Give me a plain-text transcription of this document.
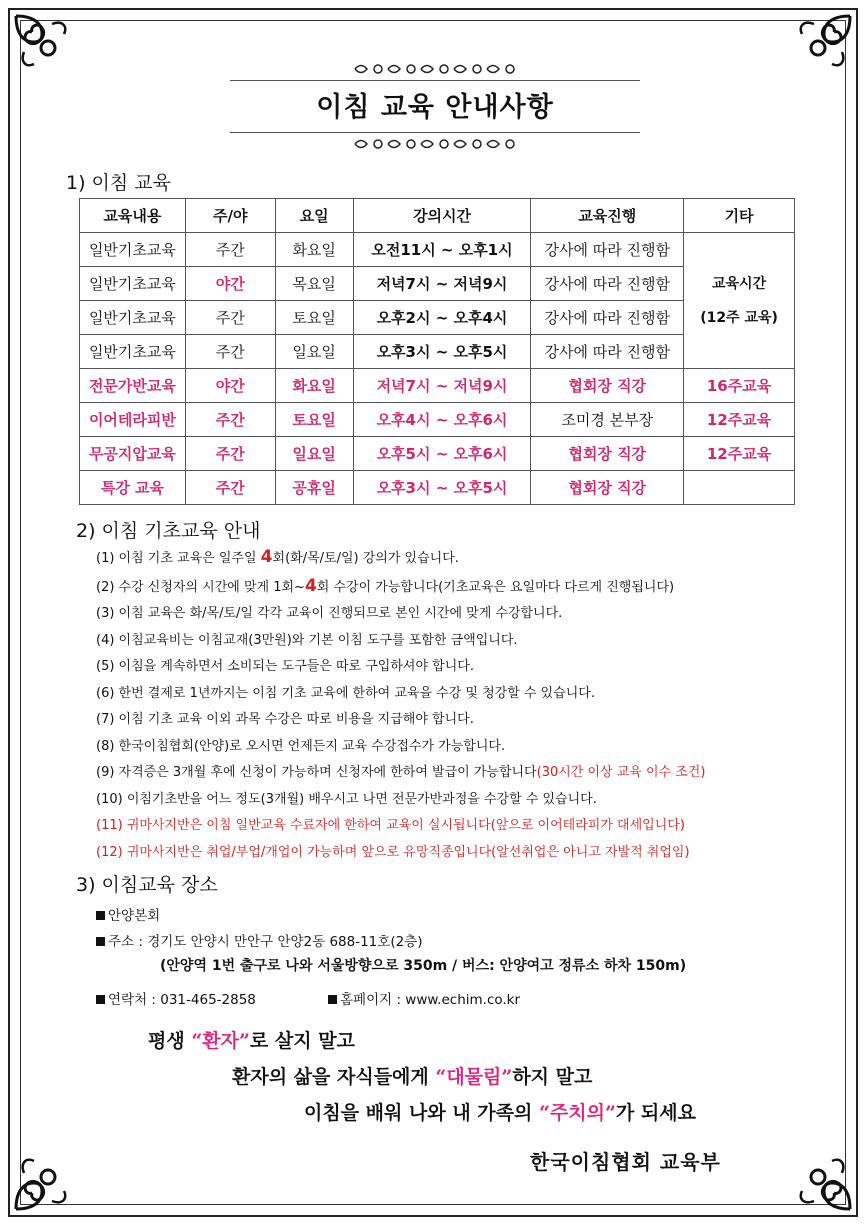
이침 교육 안내사항
1) 이침 교육
교육내용	주/야	요일	강의시간	교육진행	기타
일반기초교육	주간	화요일	오전11시 ~ 오후1시	강사에 따라 진행함	교육시간
(12주 교육)

일반기초교육	야간	목요일	저녁7시 ~ 저녁9시	강사에 따라 진행함	
일반기초교육	주간	토요일	오후2시 ~ 오후4시	강사에 따라 진행함	
일반기초교육	주간	일요일	오후3시 ~ 오후5시	강사에 따라 진행함	
전문가반교육	야간	화요일	저녁7시 ~ 저녁9시	협회장 직강	16주교육
이어테라피반	주간	토요일	오후4시 ~ 오후6시	조미경 본부장	12주교육
무공지압교육	주간	일요일	오후5시 ~ 오후6시	협회장 직강	12주교육
특강 교육	주간	공휴일	오후3시 ~ 오후5시	협회장 직강	
2) 이침 기초교육 안내
(1) 이침 기초 교육은 일주일 4회(화/목/토/일) 강의가 있습니다.
(2) 수강 신청자의 시간에 맞게 1회~4회 수강이 가능합니다(기초교육은 요일마다 다르게 진행됩니다)
(3) 이침 교육은 화/목/토/일 각각 교육이 진행되므로 본인 시간에 맞게 수강합니다.
(4) 이침교육비는 이침교재(3만원)와 기본 이침 도구를 포함한 금액입니다.
(5) 이침을 계속하면서 소비되는 도구들은 따로 구입하셔야 합니다.
(6) 한번 결제로 1년까지는 이침 기초 교육에 한하여 교육을 수강 및 청강할 수 있습니다.
(7) 이침 기초 교육 이외 과목 수강은 따로 비용을 지급해야 합니다.
(8) 한국이침협회(안양)로 오시면 언제든지 교육 수강접수가 가능합니다.
(9) 자격증은 3개월 후에 신청이 가능하며 신청자에 한하여 발급이 가능합니다(30시간 이상 교육 이수 조건)
(10) 이침기초반을 어느 정도(3개월) 배우시고 나면 전문가반과정을 수강할 수 있습니다.
(11) 귀마사지반은 이침 일반교육 수료자에 한하여 교육이 실시됩니다(앞으로 이어테라피가 대세입니다)
(12) 귀마사지반은 취업/부업/개업이 가능하며 앞으로 유망직종입니다(알선취업은 아니고 자발적 취업임)
3) 이침교육 장소
안양본회
주소 : 경기도 안양시 만안구 안양2동 688-11호(2층)
(안양역 1번 출구로 나와 서울방향으로 350m / 버스: 안양여고 정류소 하차 150m)
연락처 : 031-465-2858	홈페이지 : www.echim.co.kr
평생 “환자”로 살지 말고
환자의 삶을 자식들에게 “대물림”하지 말고
이침을 배워 나와 내 가족의 “주치의”가 되세요
한국이침협회 교육부
